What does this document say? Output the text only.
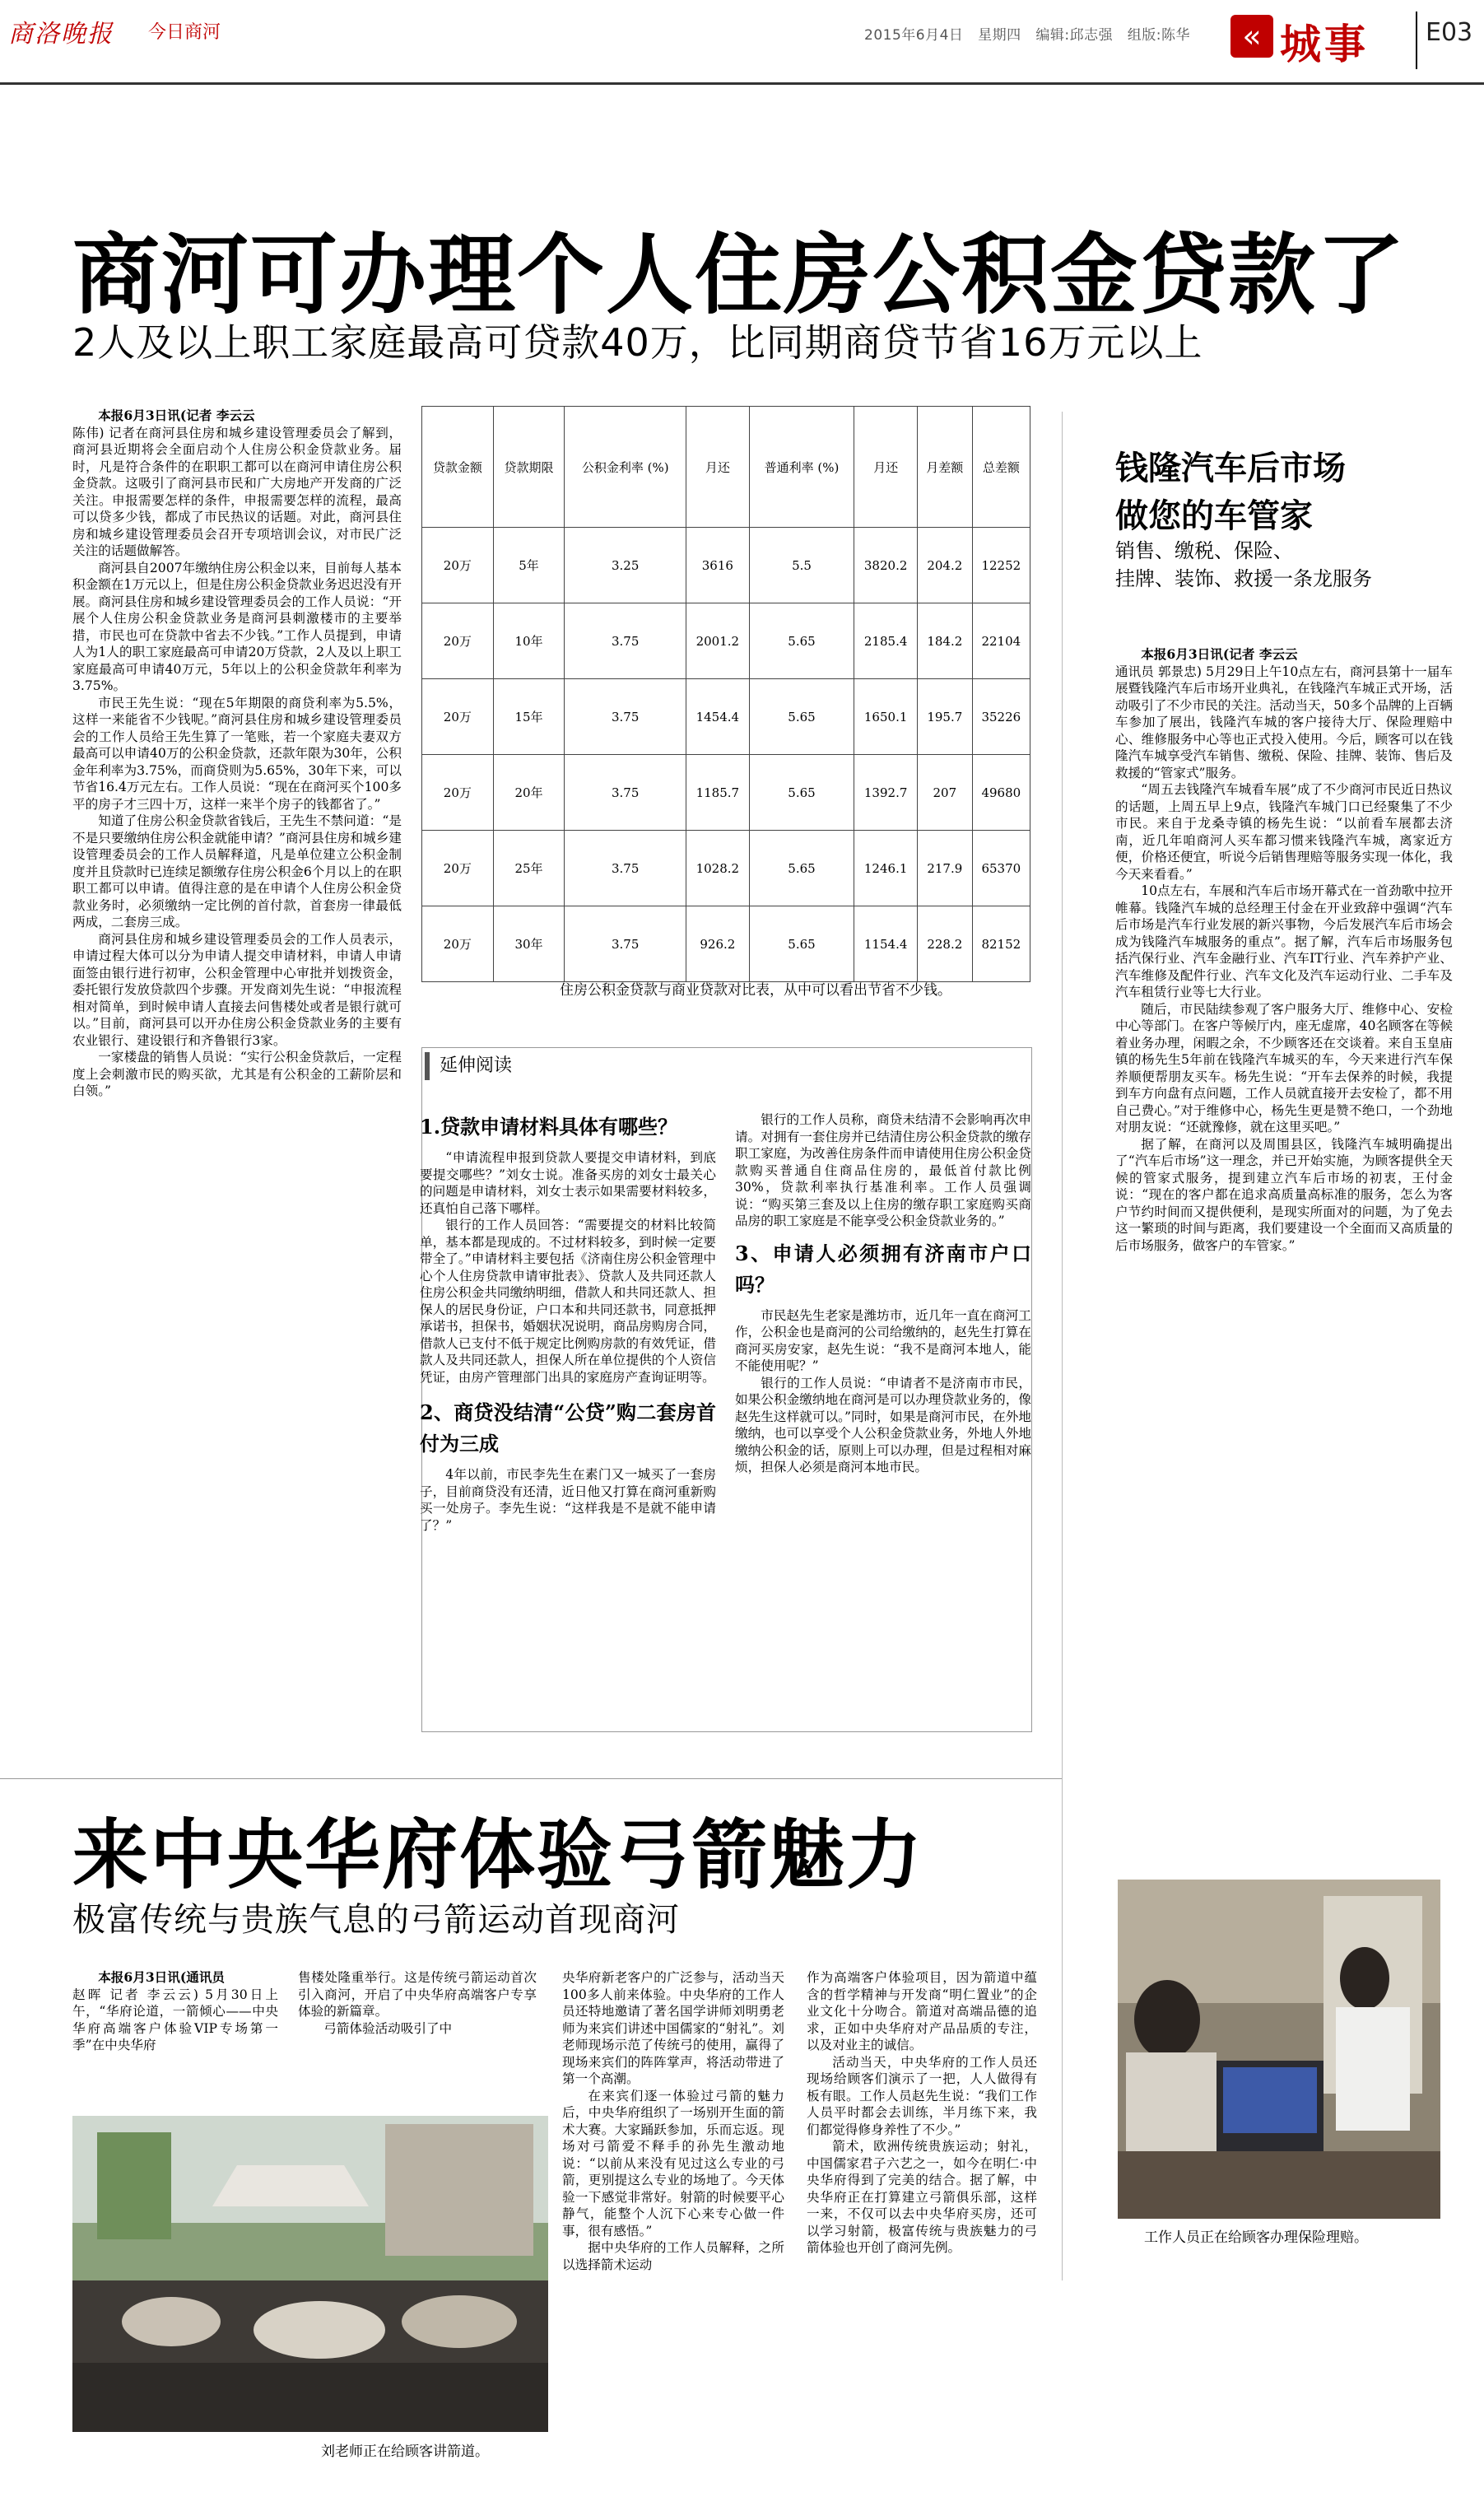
商洛晚报 今日商河	2015年6月4日 星期四 编辑:邱志强 组版:陈华	« 城事 E03
商河可办理个人住房公积金贷款了
2人及以上职工家庭最高可贷款40万，比同期商贷节省16万元以上

本报6月3日讯(记者 李云云

陈伟) 记者在商河县住房和城乡建设管理委员会了解到，商河县近期将会全面启动个人住房公积金贷款业务。届时，凡是符合条件的在职职工都可以在商河申请住房公积金贷款。这吸引了商河县市民和广大房地产开发商的广泛关注。申报需要怎样的条件，申报需要怎样的流程，最高可以贷多少钱，都成了市民热议的话题。对此，商河县住房和城乡建设管理委员会召开专项培训会议，对市民广泛关注的话题做解答。

商河县自2007年缴纳住房公积金以来，目前每人基本积金额在1万元以上，但是住房公积金贷款业务迟迟没有开展。商河县住房和城乡建设管理委员会的工作人员说：“开展个人住房公积金贷款业务是商河县刺激楼市的主要举措，市民也可在贷款中省去不少钱。”工作人员提到，申请人为1人的职工家庭最高可申请20万贷款，2人及以上职工家庭最高可申请40万元，5年以上的公积金贷款年利率为3.75%。

市民王先生说：“现在5年期限的商贷利率为5.5%，这样一来能省不少钱呢。”商河县住房和城乡建设管理委员会的工作人员给王先生算了一笔账，若一个家庭夫妻双方最高可以申请40万的公积金贷款，还款年限为30年，公积金年利率为3.75%，而商贷则为5.65%，30年下来，可以节省16.4万元左右。工作人员说：“现在在商河买个100多平的房子才三四十万，这样一来半个房子的钱都省了。”

知道了住房公积金贷款省钱后，王先生不禁问道：“是不是只要缴纳住房公积金就能申请？”商河县住房和城乡建设管理委员会的工作人员解释道，凡是单位建立公积金制度并且贷款时已连续足额缴存住房公积金6个月以上的在职职工都可以申请。值得注意的是在申请个人住房公积金贷款业务时，必须缴纳一定比例的首付款，首套房一律最低两成，二套房三成。

商河县住房和城乡建设管理委员会的工作人员表示，申请过程大体可以分为申请人提交申请材料，申请人申请面签由银行进行初审，公积金管理中心审批并划拨资金，委托银行发放贷款四个步骤。开发商刘先生说：“申报流程相对简单，到时候申请人直接去问售楼处或者是银行就可以。”目前，商河县可以开办住房公积金贷款业务的主要有农业银行、建设银行和齐鲁银行3家。

一家楼盘的销售人员说：“实行公积金贷款后，一定程度上会刺激市民的购买欲，尤其是有公积金的工薪阶层和白领。”

贷款金额	贷款期限	公积金利率 (%)	月还	普通利率 (%)	月还	月差额	总差额
20万	5年	3.25	3616	5.5	3820.2	204.2	12252
20万	10年	3.75	2001.2	5.65	2185.4	184.2	22104
20万	15年	3.75	1454.4	5.65	1650.1	195.7	35226
20万	20年	3.75	1185.7	5.65	1392.7	207	49680
20万	25年	3.75	1028.2	5.65	1246.1	217.9	65370
20万	30年	3.75	926.2	5.65	1154.4	228.2	82152
住房公积金贷款与商业贷款对比表，从中可以看出节省不少钱。
延伸阅读
1.贷款申请材料具体有哪些？

“申请流程申报到贷款人要提交申请材料，到底要提交哪些？”刘女士说。准备买房的刘女士最关心的问题是申请材料，刘女士表示如果需要材料较多，还真怕自己落下哪样。

银行的工作人员回答：“需要提交的材料比较简单，基本都是现成的。不过材料较多，到时候一定要带全了。”申请材料主要包括《济南住房公积金管理中心个人住房贷款申请审批表》、贷款人及共同还款人住房公积金共同缴纳明细，借款人和共同还款人、担保人的居民身份证，户口本和共同还款书，同意抵押承诺书，担保书，婚姻状况说明，商品房购房合同，借款人已支付不低于规定比例购房款的有效凭证，借款人及共同还款人，担保人所在单位提供的个人资信凭证，由房产管理部门出具的家庭房产查询证明等。

2、商贷没结清“公贷”购二套房首付为三成

4年以前，市民李先生在素门又一城买了一套房子，目前商贷没有还清，近日他又打算在商河重新购买一处房子。李先生说：“这样我是不是就不能申请了？”

银行的工作人员称，商贷未结清不会影响再次申请。对拥有一套住房并已结清住房公积金贷款的缴存职工家庭，为改善住房条件而申请使用住房公积金贷款购买普通自住商品住房的，最低首付款比例30%，贷款利率执行基准利率。工作人员强调说：“购买第三套及以上住房的缴存职工家庭购买商品房的职工家庭是不能享受公积金贷款业务的。”

3、申请人必须拥有济南市户口吗？

市民赵先生老家是潍坊市，近几年一直在商河工作，公积金也是商河的公司给缴纳的，赵先生打算在商河买房安家，赵先生说：“我不是商河本地人，能不能使用呢？”

银行的工作人员说：“申请者不是济南市市民，如果公积金缴纳地在商河是可以办理贷款业务的，像赵先生这样就可以。”同时，如果是商河市民，在外地缴纳，也可以享受个人公积金贷款业务，外地人外地缴纳公积金的话，原则上可以办理，但是过程相对麻烦，担保人必须是商河本地市民。

钱隆汽车后市场
做您的车管家
销售、缴税、保险、
挂牌、装饰、救援一条龙服务

本报6月3日讯(记者 李云云

通讯员 郭景忠) 5月29日上午10点左右，商河县第十一届车展暨钱隆汽车后市场开业典礼，在钱隆汽车城正式开场，活动吸引了不少市民的关注。活动当天，50多个品牌的上百辆车参加了展出，钱隆汽车城的客户接待大厅、保险理赔中心、维修服务中心等也正式投入使用。今后，顾客可以在钱隆汽车城享受汽车销售、缴税、保险、挂牌、装饰、售后及救援的“管家式”服务。

“周五去钱隆汽车城看车展”成了不少商河市民近日热议的话题，上周五早上9点，钱隆汽车城门口已经聚集了不少市民。来自于龙桑寺镇的杨先生说：“以前看车展都去济南，近几年咱商河人买车都习惯来钱隆汽车城，离家近方便，价格还便宜，听说今后销售理赔等服务实现一体化，我今天来看看。”

10点左右，车展和汽车后市场开幕式在一首劲歌中拉开帷幕。钱隆汽车城的总经理王付金在开业致辞中强调“汽车后市场是汽车行业发展的新兴事物，今后发展汽车后市场会成为钱隆汽车城服务的重点”。据了解，汽车后市场服务包括汽保行业、汽车金融行业、汽车IT行业、汽车养护产业、汽车维修及配件行业、汽车文化及汽车运动行业、二手车及汽车租赁行业等七大行业。

随后，市民陆续参观了客户服务大厅、维修中心、安检中心等部门。在客户等候厅内，座无虚席，40名顾客在等候着业务办理，闲暇之余，不少顾客还在交谈着。来自玉皇庙镇的杨先生5年前在钱隆汽车城买的车，今天来进行汽车保养顺便帮朋友买车。杨先生说：“开车去保养的时候，我提到车方向盘有点问题，工作人员就直接开去安检了，都不用自己费心。”对于维修中心，杨先生更是赞不绝口，一个劲地对朋友说：“还就豫修，就在这里买吧。”

据了解，在商河以及周围县区，钱隆汽车城明确提出了“汽车后市场”这一理念，并已开始实施，为顾客提供全天候的管家式服务，提到建立汽车后市场的初衷，王付金说：“现在的客户都在追求高质量高标准的服务，怎么为客户节约时间而又提供便利，是现实所面对的问题，为了免去这一繁琐的时间与距离，我们要建设一个全面而又高质量的后市场服务，做客户的车管家。”

工作人员正在给顾客办理保险理赔。
来中央华府体验弓箭魅力
极富传统与贵族气息的弓箭运动首现商河

本报6月3日讯(通讯员

赵晖 记者 李云云) 5月30日上午，“华府论道，一箭倾心——中央华府高端客户体验VIP专场第一季”在中央华府

售楼处隆重举行。这是传统弓箭运动首次引入商河，开启了中央华府高端客户专享体验的新篇章。

弓箭体验活动吸引了中

央华府新老客户的广泛参与，活动当天100多人前来体验。中央华府的工作人员还特地邀请了著名国学讲师刘明勇老师为来宾们讲述中国儒家的“射礼”。刘老师现场示范了传统弓的使用，赢得了现场来宾们的阵阵掌声，将活动带进了第一个高潮。

在来宾们逐一体验过弓箭的魅力后，中央华府组织了一场别开生面的箭术大赛。大家踊跃参加，乐而忘返。现场对弓箭爱不释手的孙先生激动地说：“以前从来没有见过这么专业的弓箭，更别提这么专业的场地了。今天体验一下感觉非常好。射箭的时候要平心静气，能整个人沉下心来专心做一件事，很有感悟。”

据中央华府的工作人员解释，之所以选择箭术运动

作为高端客户体验项目，因为箭道中蕴含的哲学精神与开发商“明仁置业”的企业文化十分吻合。箭道对高端品德的追求，正如中央华府对产品品质的专注，以及对业主的诚信。

活动当天，中央华府的工作人员还现场给顾客们演示了一把，人人做得有板有眼。工作人员赵先生说：“我们工作人员平时都会去训练，半月练下来，我们都觉得修身养性了不少。”

箭术，欧洲传统贵族运动；射礼，中国儒家君子六艺之一，如今在明仁·中央华府得到了完美的结合。据了解，中央华府正在打算建立弓箭俱乐部，这样一来，不仅可以去中央华府买房，还可以学习射箭，极富传统与贵族魅力的弓箭体验也开创了商河先例。

刘老师正在给顾客讲箭道。
